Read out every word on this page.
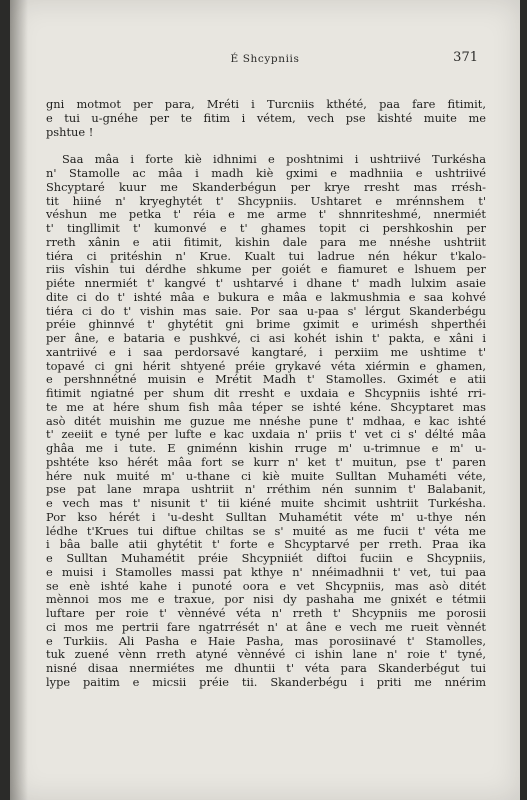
É Shcypniis	371
gni motmot per para, Mréti i Turcniis kthété, paa fare fitimit,
e tui u-gnéhe per te fitim i vétem, vech pse kishté muite me
pshtue !
Saa mâa i forte kiè idhnimi e poshtnimi i ushtriivé Turkésha
n' Stamolle ac mâa i madh kiè gximi e madhniia e ushtriivé
Shcyptaré kuur me Skanderbégun per krye rresht mas rrésh-
tit hiiné n' kryeghytét t' Shcypniis. Ushtaret e mrénnshem t'
véshun me petka t' réia e me arme t' shnnriteshmé, nnermiét
t' tingllimit t' kumonvé e t' ghames topit ci pershkoshin per
rreth xânin e atii fitimit, kishin dale para me nnéshe ushtriit
tiéra ci pritéshin n' Krue. Kualt tui ladrue nén hékur t'kalo-
riis vîshin tui dérdhe shkume per goiét e fiamuret e lshuem per
piéte nnermiét t' kangvé t' ushtarvé i dhane t' madh lulxim asaie
dite ci do t' ishté mâa e bukura e mâa e lakmushmia e saa kohvé
tiéra ci do t' vishin mas saie. Por saa u-paa s' lérgut Skanderbégu
préie ghinnvé t' ghytétit gni brime gximit e urimésh shperthéi
per âne, e bataria e pushkvé, ci asi kohét ishin t' pakta, e xâni i
xantriivé e i saa perdorsavé kangtaré, i perxiim me ushtime t'
topavé ci gni hérit shtyené préie grykavé véta xiérmin e ghamen,
e pershnnétné muisin e Mrétit Madh t' Stamolles. Gximét e atii
fitimit ngiatné per shum dit rresht e uxdaia e Shcypniis ishté rri-
te me at hére shum fish mâa téper se ishté kéne. Shcyptaret mas
asò ditét muishin me guzue me nnéshe pune t' mdhaa, e kac ishté
t' zeeiit e tyné per lufte e kac uxdaia n' priis t' vet ci s' délté mâa
ghâa me i tute. E gniménn kishin rruge m' u-trimnue e m' u-
pshtéte kso hérét mâa fort se kurr n' ket t' muitun, pse t' paren
hére nuk muité m' u-thane ci kiè muite Sulltan Muhaméti véte,
pse pat lane mrapa ushtriit n' rréthim nén sunnim t' Balabanit,
e vech mas t' nisunit t' tii kiéné muite shcimit ushtriit Turkésha.
Por kso hérét i 'u-desht Sulltan Muhamétit véte m' u-thye nén
lédhe t'Krues tui diftue chiltas se s' muité as me fucii t' véta me
i bâa balle atii ghytétit t' forte e Shcyptarvé per rreth. Praa ika
e Sulltan Muhamétit préie Shcypniiét diftoi fuciin e Shcypniis,
e muisi i Stamolles massi pat kthye n' nnéimadhnii t' vet, tui paa
se enè ishté kahe i punoté oora e vet Shcypniis, mas asò ditét
mènnoi mos me e traxue, por nisi dy pashaha me gnixét e tétmii
luftare per roie t' vènnévé véta n' rreth t' Shcypniis me porosii
ci mos me pertrii fare ngatrrését n' at âne e vech me rueit vènnét
e Turkiis. Ali Pasha e Haie Pasha, mas porosiinavé t' Stamolles,
tuk zuené vènn rreth atyné vènnévé ci ishin lane n' roie t' tyné,
nisné disaa nnermiétes me dhuntii t' véta para Skanderbégut tui
lype paitim e micsii préie tii. Skanderbégu i priti me nnérim
